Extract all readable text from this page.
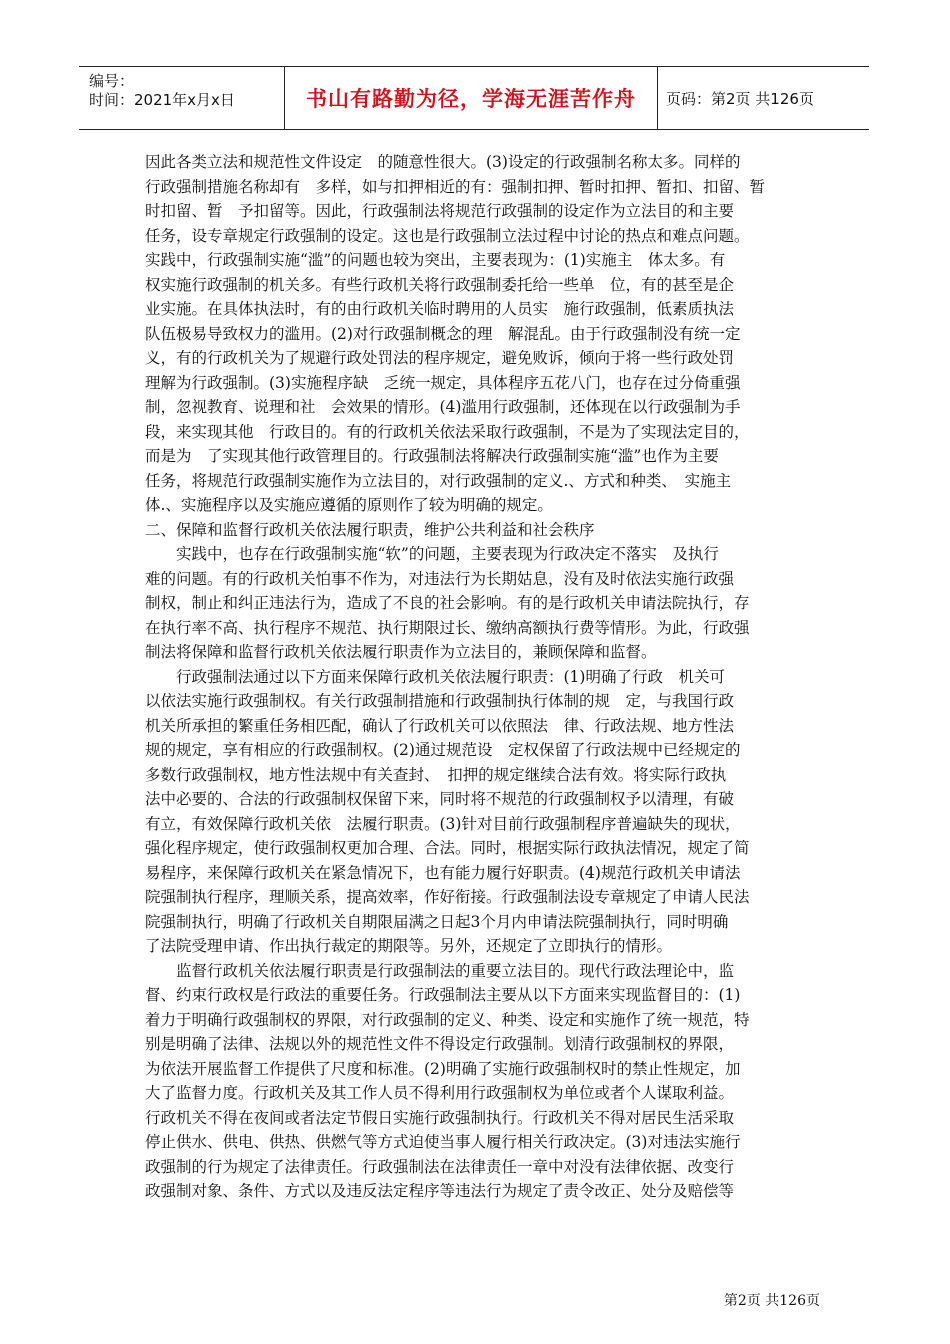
编号：
时间：2021年x月x日	书山有路勤为径，学海无涯苦作舟	页码：第2页 共126页
因此各类立法和规范性文件设定　的随意性很大。(3)设定的行政强制名称太多。同样的
行政强制措施名称却有　多样，如与扣押相近的有：强制扣押、暂时扣押、暂扣、扣留、暂
时扣留、暂　予扣留等。因此，行政强制法将规范行政强制的设定作为立法目的和主要
任务，设专章规定行政强制的设定。这也是行政强制立法过程中讨论的热点和难点问题。
实践中，行政强制实施“滥”的问题也较为突出，主要表现为：(1)实施主　体太多。有
权实施行政强制的机关多。有些行政机关将行政强制委托给一些单　位，有的甚至是企
业实施。在具体执法时，有的由行政机关临时聘用的人员实　施行政强制，低素质执法
队伍极易导致权力的滥用。(2)对行政强制概念的理　解混乱。由于行政强制没有统一定
义，有的行政机关为了规避行政处罚法的程序规定，避免败诉，倾向于将一些行政处罚
理解为行政强制。(3)实施程序缺　乏统一规定，具体程序五花八门，也存在过分倚重强
制，忽视教育、说理和社　会效果的情形。(4)滥用行政强制，还体现在以行政强制为手
段，来实现其他　行政目的。有的行政机关依法采取行政强制，不是为了实现法定目的，
而是为　了实现其他行政管理目的。行政强制法将解决行政强制实施“滥”也作为主要
任务，将规范行政强制实施作为立法目的，对行政强制的定义.、方式和种类、　实施主
体.、实施程序以及实施应遵循的原则作了较为明确的规定。
二、保障和监督行政机关依法履行职责，维护公共利益和社会秩序
实践中，也存在行政强制实施“软”的问题，主要表现为行政决定不落实　及执行
难的问题。有的行政机关怕事不作为，对违法行为长期姑息，没有及时依法实施行政强
制权，制止和纠正违法行为，造成了不良的社会影响。有的是行政机关申请法院执行，存
在执行率不高、执行程序不规范、执行期限过长、缴纳高额执行费等情形。为此，行政强
制法将保障和监督行政机关依法履行职责作为立法目的，兼顾保障和监督。
行政强制法通过以下方面来保障行政机关依法履行职责：(1)明确了行政　机关可
以依法实施行政强制权。有关行政强制措施和行政强制执行体制的规　定，与我国行政
机关所承担的繁重任务相匹配，确认了行政机关可以依照法　律、行政法规、地方性法
规的规定，享有相应的行政强制权。(2)通过规范设　定权保留了行政法规中已经规定的
多数行政强制权，地方性法规中有关查封、　扣押的规定继续合法有效。将实际行政执
法中必要的、合法的行政强制权保留下来，同时将不规范的行政强制权予以清理，有破
有立，有效保障行政机关依　法履行职责。(3)针对目前行政强制程序普遍缺失的现状，
强化程序规定，使行政强制权更加合理、合法。同时，根据实际行政执法情况，规定了简
易程序，来保障行政机关在紧急情况下，也有能力履行好职责。(4)规范行政机关申请法
院强制执行程序，理顺关系，提高效率，作好衔接。行政强制法设专章规定了申请人民法
院强制执行，明确了行政机关自期限届满之日起3个月内申请法院强制执行，同时明确
了法院受理申请、作出执行裁定的期限等。另外，还规定了立即执行的情形。
监督行政机关依法履行职责是行政强制法的重要立法目的。现代行政法理论中，监
督、约束行政权是行政法的重要任务。行政强制法主要从以下方面来实现监督目的：(1)
着力于明确行政强制权的界限，对行政强制的定义、种类、设定和实施作了统一规范，特
别是明确了法律、法规以外的规范性文件不得设定行政强制。划清行政强制权的界限，
为依法开展监督工作提供了尺度和标准。(2)明确了实施行政强制权时的禁止性规定，加
大了监督力度。行政机关及其工作人员不得利用行政强制权为单位或者个人谋取利益。
行政机关不得在夜间或者法定节假日实施行政强制执行。行政机关不得对居民生活采取
停止供水、供电、供热、供燃气等方式迫使当事人履行相关行政决定。(3)对违法实施行
政强制的行为规定了法律责任。行政强制法在法律责任一章中对没有法律依据、改变行
政强制对象、条件、方式以及违反法定程序等违法行为规定了责令改正、处分及赔偿等
第2页 共126页
